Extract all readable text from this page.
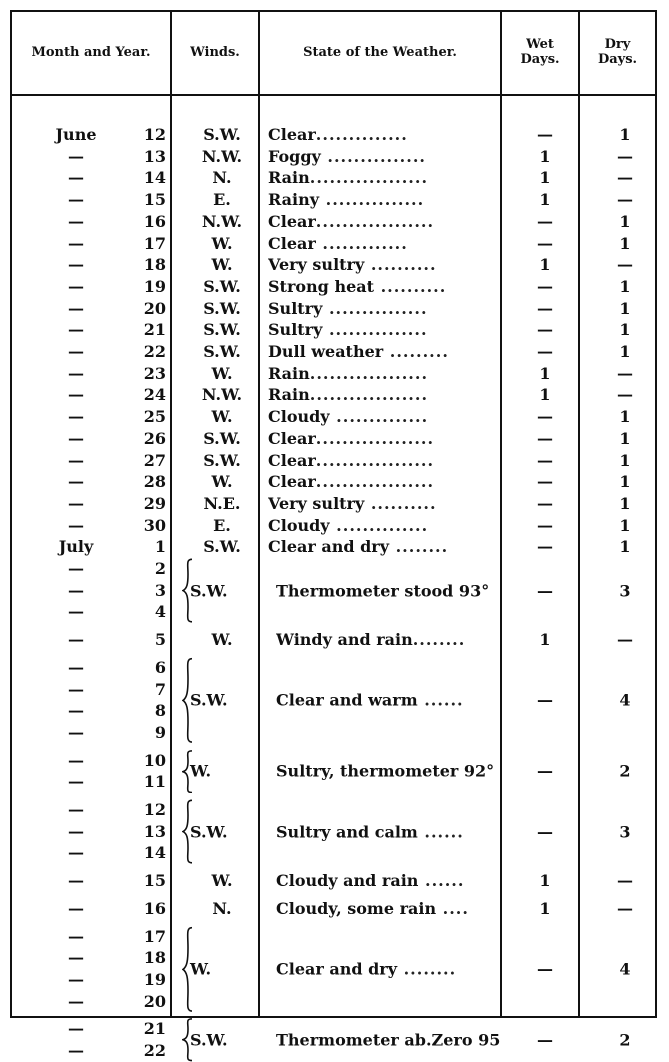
Month and Year.	Winds.	State of the Weather.	Wet
Days.
Dry
Days.
June	12	S.W.	Clear..............	—	1
—	13	N.W.	Foggy ...............	1	—
—	14	N.	Rain..................	1	—
—	15	E.	Rainy ...............	1	—
—	16	N.W.	Clear..................	—	1
—	17	W.	Clear .............	—	1
—	18	W.	Very sultry ..........	1	—
—	19	S.W.	Strong heat ..........	—	1
—	20	S.W.	Sultry ...............	—	1
—	21	S.W.	Sultry ...............	—	1
—	22	S.W.	Dull weather .........	—	1
—	23	W.	Rain..................	1	—
—	24	N.W.	Rain..................	1	—
—	25	W.	Cloudy ..............	—	1
—	26	S.W.	Clear..................	—	1
—	27	S.W.	Clear..................	—	1
—	28	W.	Clear..................	—	1
—	29	N.E.	Very sultry ..........	—	1
—	30	E.	Cloudy ..............	—	1
July	1	S.W.	Clear and dry ........	—	1
—	2
—	3
—	4
S.W.	Thermometer stood 93°	—	3
—	5	W.	Windy and rain........	1	—
—	6
—	7
—	8
—	9
S.W.	Clear and warm ......	—	4
—	10
—	11
W.	Sultry, thermometer 92°	—	2
—	12
—	13
—	14
S.W.	Sultry and calm ......	—	3
—	15	W.	Cloudy and rain ......	1	—
—	16	N.	Cloudy, some rain ....	1	—
—	17
—	18
—	19
—	20
W.	Clear and dry ........	—	4
—	21
—	22
S.W.	Thermometer ab.Zero 95	—	2
